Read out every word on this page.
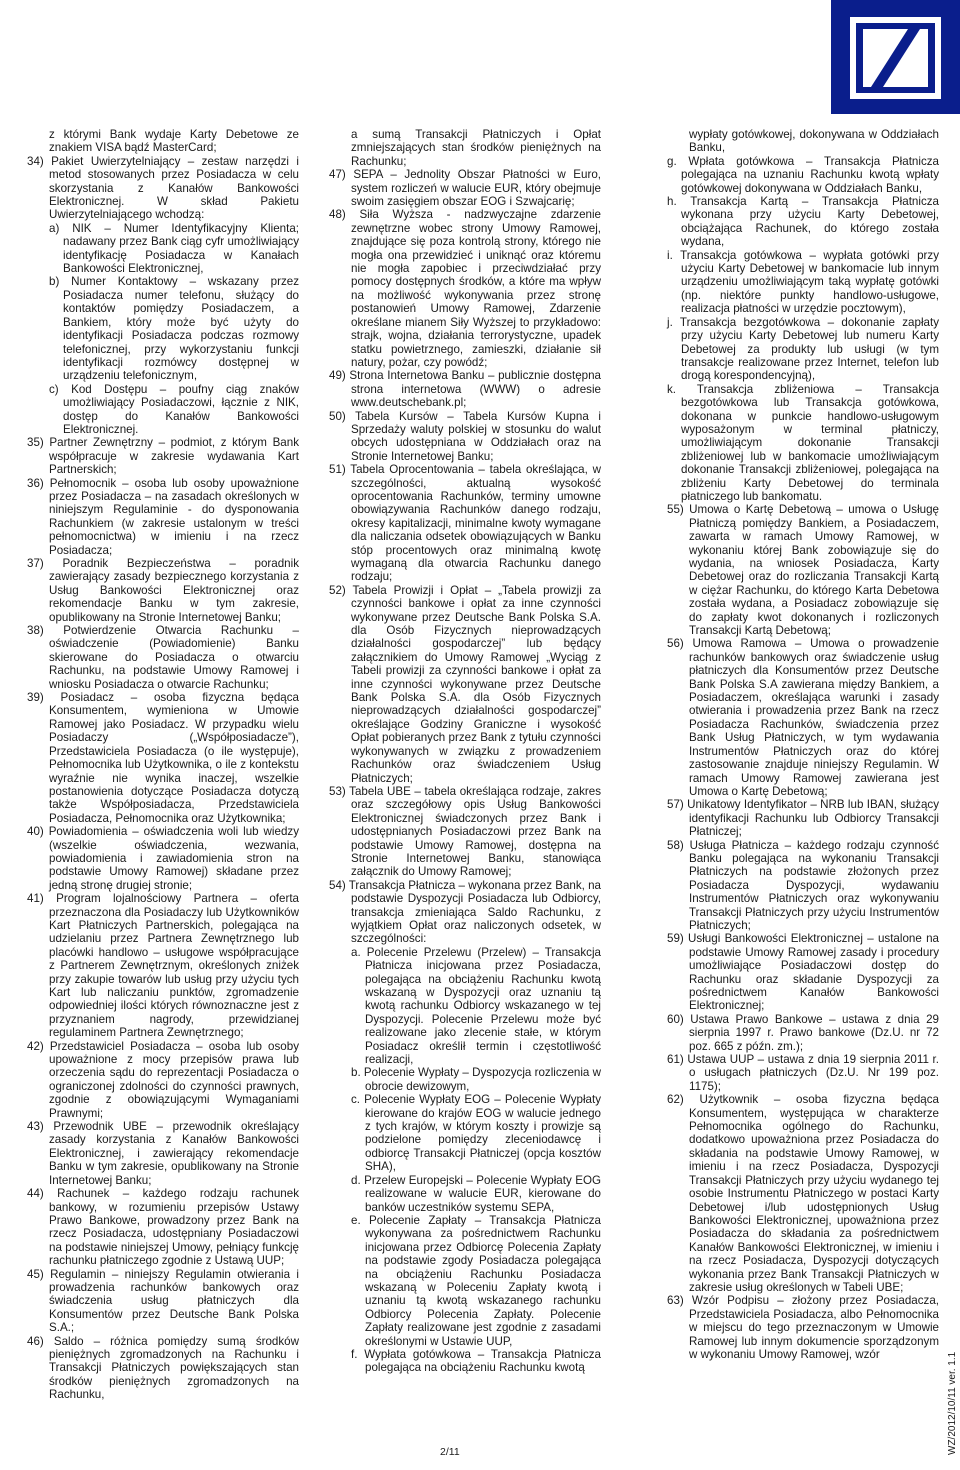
z którymi Bank wydaje Karty Debetowe ze znakiem VISA bądź MasterCard;

34) Pakiet Uwierzytelniający – zestaw narzędzi i metod stosowanych przez Posiadacza w celu skorzystania z Kanałów Bankowości Elektronicznej. W skład Pakietu Uwierzytelniającego wchodzą:

a) NIK – Numer Identyfikacyjny Klienta; nadawany przez Bank ciąg cyfr umożliwiający identyfikację Posiadacza w Kanałach Bankowości Elektronicznej,

b) Numer Kontaktowy – wskazany przez Posiadacza numer telefonu, służący do kontaktów pomiędzy Posiadaczem, a Bankiem, który może być użyty do identyfikacji Posiadacza podczas rozmowy telefonicznej, przy wykorzystaniu funkcji identyfikacji rozmówcy dostępnej w urządzeniu telefonicznym,

c) Kod Dostępu – poufny ciąg znaków umożliwiający Posiadaczowi, łącznie z NIK, dostęp do Kanałów Bankowości Elektronicznej.

35) Partner Zewnętrzny – podmiot, z którym Bank współpracuje w zakresie wydawania Kart Partnerskich;

36) Pełnomocnik – osoba lub osoby upoważnione przez Posiadacza – na zasadach określonych w niniejszym Regulaminie - do dysponowania Rachunkiem (w zakresie ustalonym w treści pełnomocnictwa) w imieniu i na rzecz Posiadacza;

37) Poradnik Bezpieczeństwa – poradnik zawierający zasady bezpiecznego korzystania z Usług Bankowości Elektronicznej oraz rekomendacje Banku w tym zakresie, opublikowany na Stronie Internetowej Banku;

38) Potwierdzenie Otwarcia Rachunku – oświadczenie (Powiadomienie) Banku skierowane do Posiadacza o otwarciu Rachunku, na podstawie Umowy Ramowej i wniosku Posiadacza o otwarcie Rachunku;

39) Posiadacz – osoba fizyczna będąca Konsumentem, wymieniona w Umowie Ramowej jako Posiadacz. W przypadku wielu Posiadaczy („Współposiadacze”), Przedstawiciela Posiadacza (o ile występuje), Pełnomocnika lub Użytkownika, o ile z kontekstu wyraźnie nie wynika inaczej, wszelkie postanowienia dotyczące Posiadacza dotyczą także Współposiadacza, Przedstawiciela Posiadacza, Pełnomocnika oraz Użytkownika;

40) Powiadomienia – oświadczenia woli lub wiedzy (wszelkie oświadczenia, wezwania, powiadomienia i zawiadomienia stron na podstawie Umowy Ramowej) składane przez jedną stronę drugiej stronie;

41) Program lojalnościowy Partnera – oferta przeznaczona dla Posiadaczy lub Użytkowników Kart Płatniczych Partnerskich, polegająca na udzielaniu przez Partnera Zewnętrznego lub placówki handlowo – usługowe współpracujące z Partnerem Zewnętrznym, określonych zniżek przy zakupie towarów lub usług przy użyciu tych Kart lub naliczaniu punktów, zgromadzenie odpowiedniej ilości których równoznaczne jest z przyznaniem nagrody, przewidzianej regulaminem Partnera Zewnętrznego;

42) Przedstawiciel Posiadacza – osoba lub osoby upoważnione z mocy przepisów prawa lub orzeczenia sądu do reprezentacji Posiadacza o ograniczonej zdolności do czynności prawnych, zgodnie z obowiązującymi Wymaganiami Prawnymi;

43) Przewodnik UBE – przewodnik określający zasady korzystania z Kanałów Bankowości Elektronicznej, i zawierający rekomendacje Banku w tym zakresie, opublikowany na Stronie Internetowej Banku;

44) Rachunek – każdego rodzaju rachunek bankowy, w rozumieniu przepisów Ustawy Prawo Bankowe, prowadzony przez Bank na rzecz Posiadacza, udostępniany Posiadaczowi na podstawie niniejszej Umowy, pełniący funkcję rachunku płatniczego zgodnie z Ustawą UUP;

45) Regulamin – niniejszy Regulamin otwierania i prowadzenia rachunków bankowych oraz świadczenia usług płatniczych dla Konsumentów przez Deutsche Bank Polska S.A.;

46) Saldo – różnica pomiędzy sumą środków pieniężnych zgromadzonych na Rachunku i Transakcji Płatniczych powiększających stan środków pieniężnych zgromadzonych na Rachunku,

a sumą Transakcji Płatniczych i Opłat zmniejszających stan środków pieniężnych na Rachunku;

47) SEPA – Jednolity Obszar Płatności w Euro, system rozliczeń w walucie EUR, który obejmuje swoim zasięgiem obszar EOG i Szwajcarię;

48) Siła Wyższa - nadzwyczajne zdarzenie zewnętrzne wobec strony Umowy Ramowej, znajdujące się poza kontrolą strony, którego nie mogła ona przewidzieć i uniknąć oraz któremu nie mogła zapobiec i przeciwdziałać przy pomocy dostępnych środków, a które ma wpływ na możliwość wykonywania przez stronę postanowień Umowy Ramowej, Zdarzenie określane mianem Siły Wyższej to przykładowo: strajk, wojna, działania terrorystyczne, upadek statku powietrznego, zamieszki, działanie sił natury, pożar, czy powódź;

49) Strona Internetowa Banku – publicznie dostępna strona internetowa (WWW) o adresie www.deutschebank.pl;

50) Tabela Kursów – Tabela Kursów Kupna i Sprzedaży waluty polskiej w stosunku do walut obcych udostępniana w Oddziałach oraz na Stronie Internetowej Banku;

51) Tabela Oprocentowania – tabela określająca, w szczególności, aktualną wysokość oprocentowania Rachunków, terminy umowne obowiązywania Rachunków danego rodzaju, okresy kapitalizacji, minimalne kwoty wymagane dla naliczania odsetek obowiązujących w Banku stóp procentowych oraz minimalną kwotę wymaganą dla otwarcia Rachunku danego rodzaju;

52) Tabela Prowizji i Opłat – „Tabela prowizji za czynności bankowe i opłat za inne czynności wykonywane przez Deutsche Bank Polska S.A. dla Osób Fizycznych nieprowadzących działalności gospodarczej” lub będący załącznikiem do Umowy Ramowej „Wyciąg z Tabeli prowizji za czynności bankowe i opłat za inne czynności wykonywane przez Deutsche Bank Polska S.A. dla Osób Fizycznych nieprowadzących działalności gospodarczej” określające Godziny Graniczne i wysokość Opłat pobieranych przez Bank z tytułu czynności wykonywanych w związku z prowadzeniem Rachunków oraz świadczeniem Usług Płatniczych;

53) Tabela UBE – tabela określająca rodzaje, zakres oraz szczegółowy opis Usług Bankowości Elektronicznej świadczonych przez Bank i udostępnianych Posiadaczowi przez Bank na podstawie Umowy Ramowej, dostępna na Stronie Internetowej Banku, stanowiąca załącznik do Umowy Ramowej;

54) Transakcja Płatnicza – wykonana przez Bank, na podstawie Dyspozycji Posiadacza lub Odbiorcy, transakcja zmieniająca Saldo Rachunku, z wyjątkiem Opłat oraz naliczonych odsetek, w szczególności:

a. Polecenie Przelewu (Przelew) – Transakcja Płatnicza inicjowana przez Posiadacza, polegająca na obciążeniu Rachunku kwotą wskazaną w Dyspozycji oraz uznaniu tą kwotą rachunku Odbiorcy wskazanego w tej Dyspozycji. Polecenie Przelewu może być realizowane jako zlecenie stałe, w którym Posiadacz określił termin i częstotliwość realizacji,

b. Polecenie Wypłaty – Dyspozycja rozliczenia w obrocie dewizowym,

c. Polecenie Wypłaty EOG – Polecenie Wypłaty kierowane do krajów EOG w walucie jednego z tych krajów, w którym koszty i prowizje są podzielone pomiędzy zleceniodawcę i odbiorcę Transakcji Płatniczej (opcja kosztów SHA),

d. Przelew Europejski – Polecenie Wypłaty EOG realizowane w walucie EUR, kierowane do banków uczestników systemu SEPA,

e. Polecenie Zapłaty – Transakcja Płatnicza wykonywana za pośrednictwem Rachunku inicjowana przez Odbiorcę Polecenia Zapłaty na podstawie zgody Posiadacza polegająca na obciążeniu Rachunku Posiadacza wskazaną w Poleceniu Zapłaty kwotą i uznaniu tą kwotą wskazanego rachunku Odbiorcy Polecenia Zapłaty. Polecenie Zapłaty realizowane jest zgodnie z zasadami określonymi w Ustawie UUP,

f. Wypłata gotówkowa – Transakcja Płatnicza polegająca na obciążeniu Rachunku kwotą

wypłaty gotówkowej, dokonywana w Oddziałach Banku,

g. Wpłata gotówkowa – Transakcja Płatnicza polegająca na uznaniu Rachunku kwotą wpłaty gotówkowej dokonywana w Oddziałach Banku,

h. Transakcja Kartą – Transakcja Płatnicza wykonana przy użyciu Karty Debetowej, obciążająca Rachunek, do którego została wydana,

i. Transakcja gotówkowa – wypłata gotówki przy użyciu Karty Debetowej w bankomacie lub innym urządzeniu umożliwiającym taką wypłatę gotówki (np. niektóre punkty handlowo-usługowe, realizacja płatności w urzędzie pocztowym),

j. Transakcja bezgotówkowa – dokonanie zapłaty przy użyciu Karty Debetowej lub numeru Karty Debetowej za produkty lub usługi (w tym transakcje realizowane przez Internet, telefon lub drogą korespondencyjną),

k. Transakcja zbliżeniowa – Transakcja bezgotówkowa lub Transakcja gotówkowa, dokonana w punkcie handlowo-usługowym wyposażonym w terminal płatniczy, umożliwiającym dokonanie Transakcji zbliżeniowej lub w bankomacie umożliwiającym dokonanie Transakcji zbliżeniowej, polegająca na zbliżeniu Karty Debetowej do terminala płatniczego lub bankomatu.

55) Umowa o Kartę Debetową – umowa o Usługę Płatniczą pomiędzy Bankiem, a Posiadaczem, zawarta w ramach Umowy Ramowej, w wykonaniu której Bank zobowiązuje się do wydania, na wniosek Posiadacza, Karty Debetowej oraz do rozliczania Transakcji Kartą w ciężar Rachunku, do którego Karta Debetowa została wydana, a Posiadacz zobowiązuje się do zapłaty kwot dokonanych i rozliczonych Transakcji Kartą Debetową;

56) Umowa Ramowa – Umowa o prowadzenie rachunków bankowych oraz świadczenie usług płatniczych dla Konsumentów przez Deutsche Bank Polska S.A zawierana między Bankiem, a Posiadaczem, określająca warunki i zasady otwierania i prowadzenia przez Bank na rzecz Posiadacza Rachunków, świadczenia przez Bank Usług Płatniczych, w tym wydawania Instrumentów Płatniczych oraz do której zastosowanie znajduje niniejszy Regulamin. W ramach Umowy Ramowej zawierana jest Umowa o Kartę Debetową;

57) Unikatowy Identyfikator – NRB lub IBAN, służący identyfikacji Rachunku lub Odbiorcy Transakcji Płatniczej;

58) Usługa Płatnicza – każdego rodzaju czynność Banku polegająca na wykonaniu Transakcji Płatniczych na podstawie złożonych przez Posiadacza Dyspozycji, wydawaniu Instrumentów Płatniczych oraz wykonywaniu Transakcji Płatniczych przy użyciu Instrumentów Płatniczych;

59) Usługi Bankowości Elektronicznej – ustalone na podstawie Umowy Ramowej zasady i procedury umożliwiające Posiadaczowi dostęp do Rachunku oraz składanie Dyspozycji za pośrednictwem Kanałów Bankowości Elektronicznej;

60) Ustawa Prawo Bankowe – ustawa z dnia 29 sierpnia 1997 r. Prawo bankowe (Dz.U. nr 72 poz. 665 z późn. zm.);

61) Ustawa UUP – ustawa z dnia 19 sierpnia 2011 r. o usługach płatniczych (Dz.U. Nr 199 poz. 1175);

62) Użytkownik – osoba fizyczna będąca Konsumentem, występująca w charakterze Pełnomocnika ogólnego do Rachunku, dodatkowo upoważniona przez Posiadacza do składania na podstawie Umowy Ramowej, w imieniu i na rzecz Posiadacza, Dyspozycji Transakcji Płatniczych przy użyciu wydanego tej osobie Instrumentu Płatniczego w postaci Karty Debetowej i/lub udostępnionych Usług Bankowości Elektronicznej, upoważniona przez Posiadacza do składania za pośrednictwem Kanałów Bankowości Elektronicznej, w imieniu i na rzecz Posiadacza, Dyspozycji dotyczących wykonania przez Bank Transakcji Płatniczych w zakresie usług określonych w Tabeli UBE;

63) Wzór Podpisu – złożony przez Posiadacza, Przedstawiciela Posiadacza, albo Pełnomocnika w miejscu do tego przeznaczonym w Umowie Ramowej lub innym dokumencie sporządzonym w wykonaniu Umowy Ramowej, wzór

2/11	WZ/2012/10/11 ver. 1.1
